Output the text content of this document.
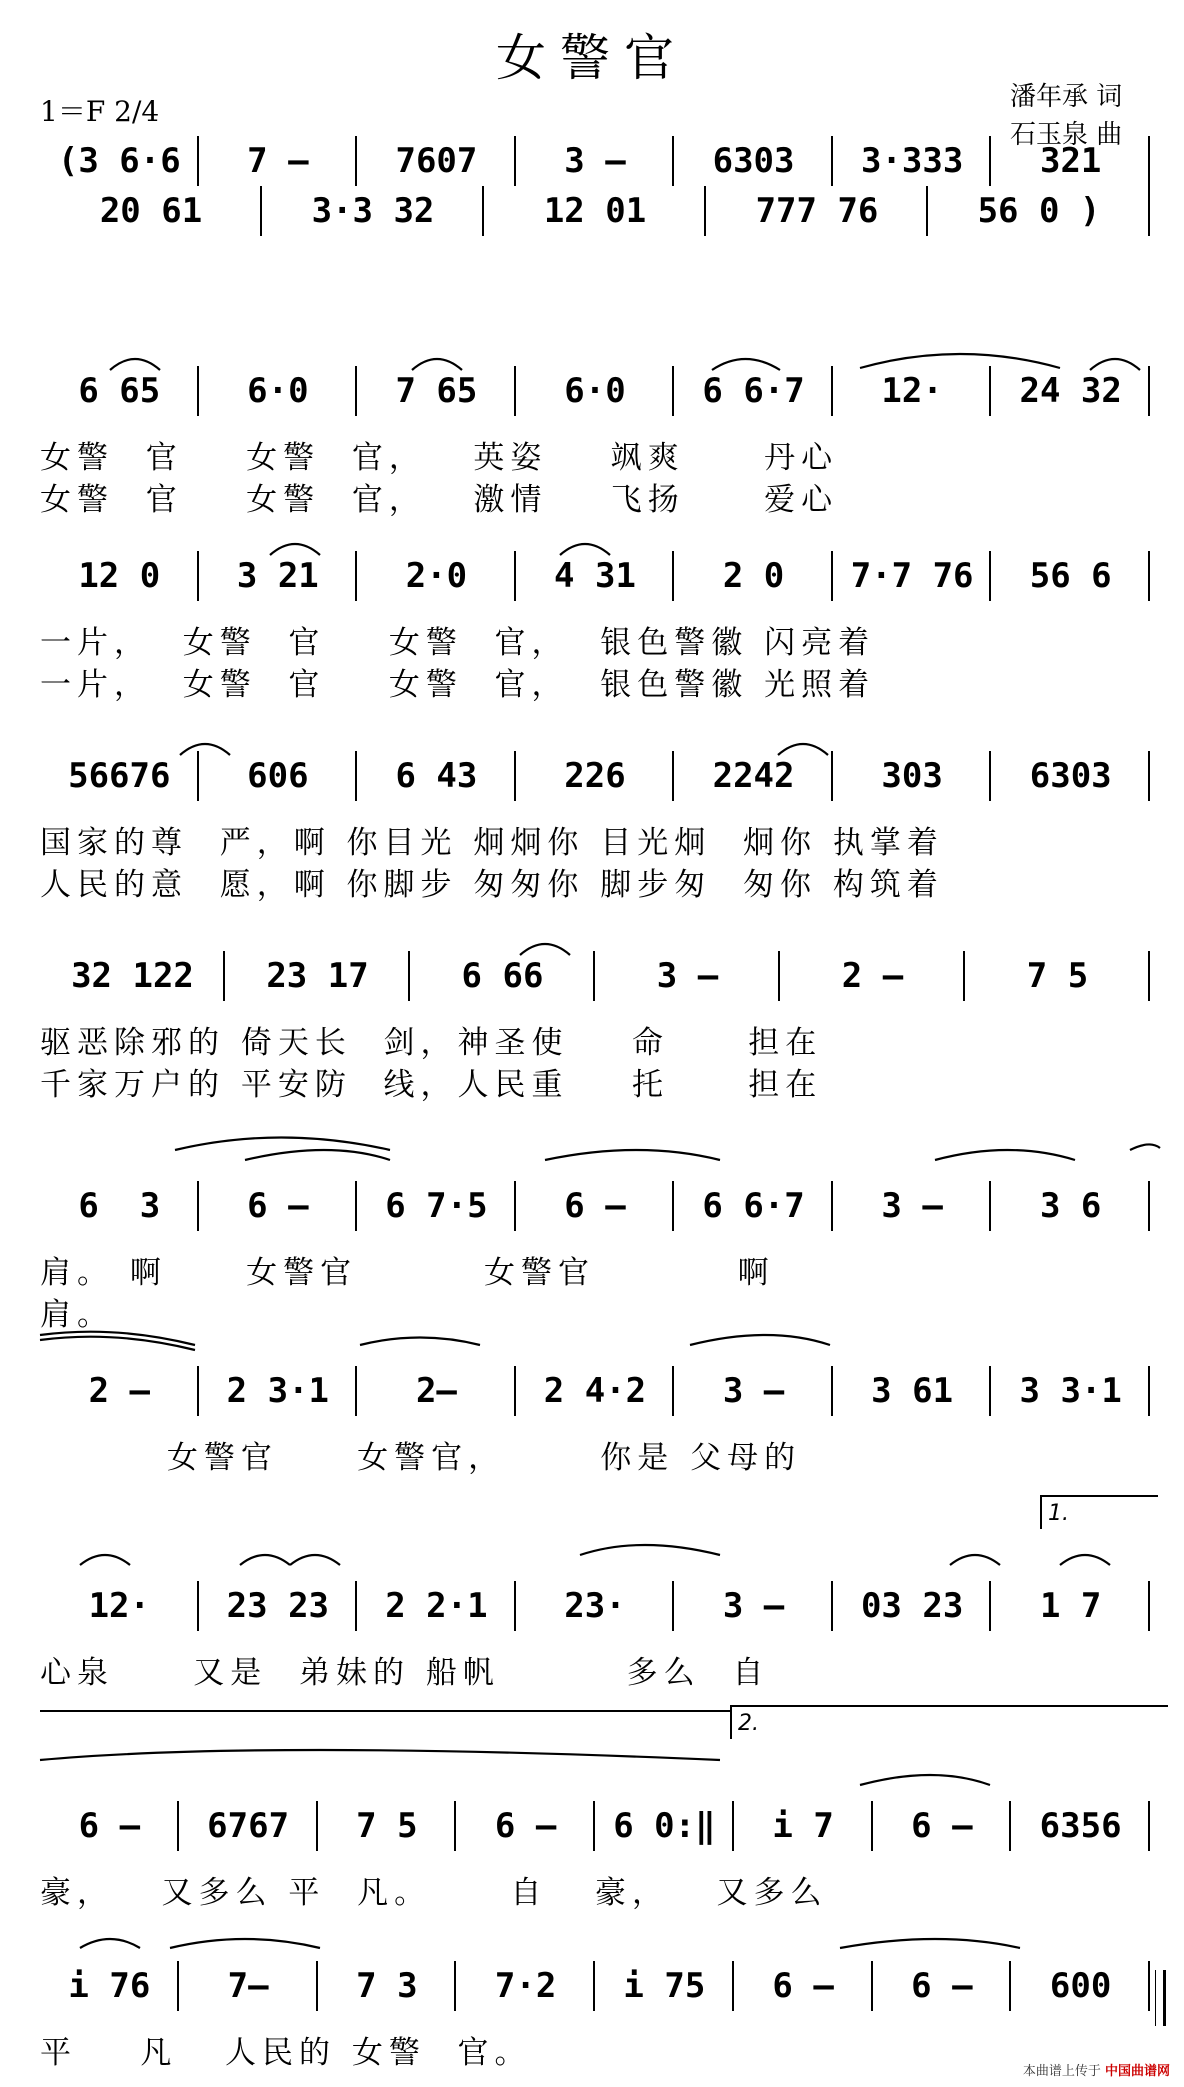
女警官
1＝F 2/4	潘年承 词
石玉泉 曲
(3 6·6 7 –	7607	3 –	6303 3·333 321
20 61	3·3 32	12 01	777 76	56 0 )
6 65	6·0	7 65	6·0 6 6·7 12· 24 32
女警  官    女警  官，   英姿    飒爽     丹心
女警  官    女警  官，   激情    飞扬     爱心
12 0 3 21	2·0	4 31	2 0 7·7 76 56 6
一片，  女警  官    女警  官，  银色警徽 闪亮着
一片，  女警  官    女警  官，  银色警徽 光照着
56676 606	6 43	226	2242	303	6303
国家的尊  严，啊 你目光 炯炯你 目光炯  炯你 执掌着
人民的意  愿，啊 你脚步 匆匆你 脚步匆  匆你 构筑着
32 122 23 17	6 66	3 –	2 –	7 5
驱恶除邪的 倚天长  剑，神圣使    命     担在
千家万户的 平安防  线，人民重    托     担在
6  3	6 – 6 7·5 6 – 6 6·7 3 –	3 6
肩。 啊     女警官        女警官         啊
肩。
2 – 2 3·1	2–	2 4·2 3 –	3 61 3 3·1
女警官     女警官，      你是 父母的
12· 23 23 2 2·1 23·	3 – 03 23 1 7
心泉     又是  弟妹的 船帆        多么  自
6 – 6767 7 5 6 – 6 0:‖ i 7 6 – 6356
豪，   又多么 平  凡。     自   豪，   又多么
i 76 7–	7 3 7·2 i 75 6 – 6 – 600
平    凡   人民的 女警  官。
1.
2.
本曲谱上传于 中国曲谱网
